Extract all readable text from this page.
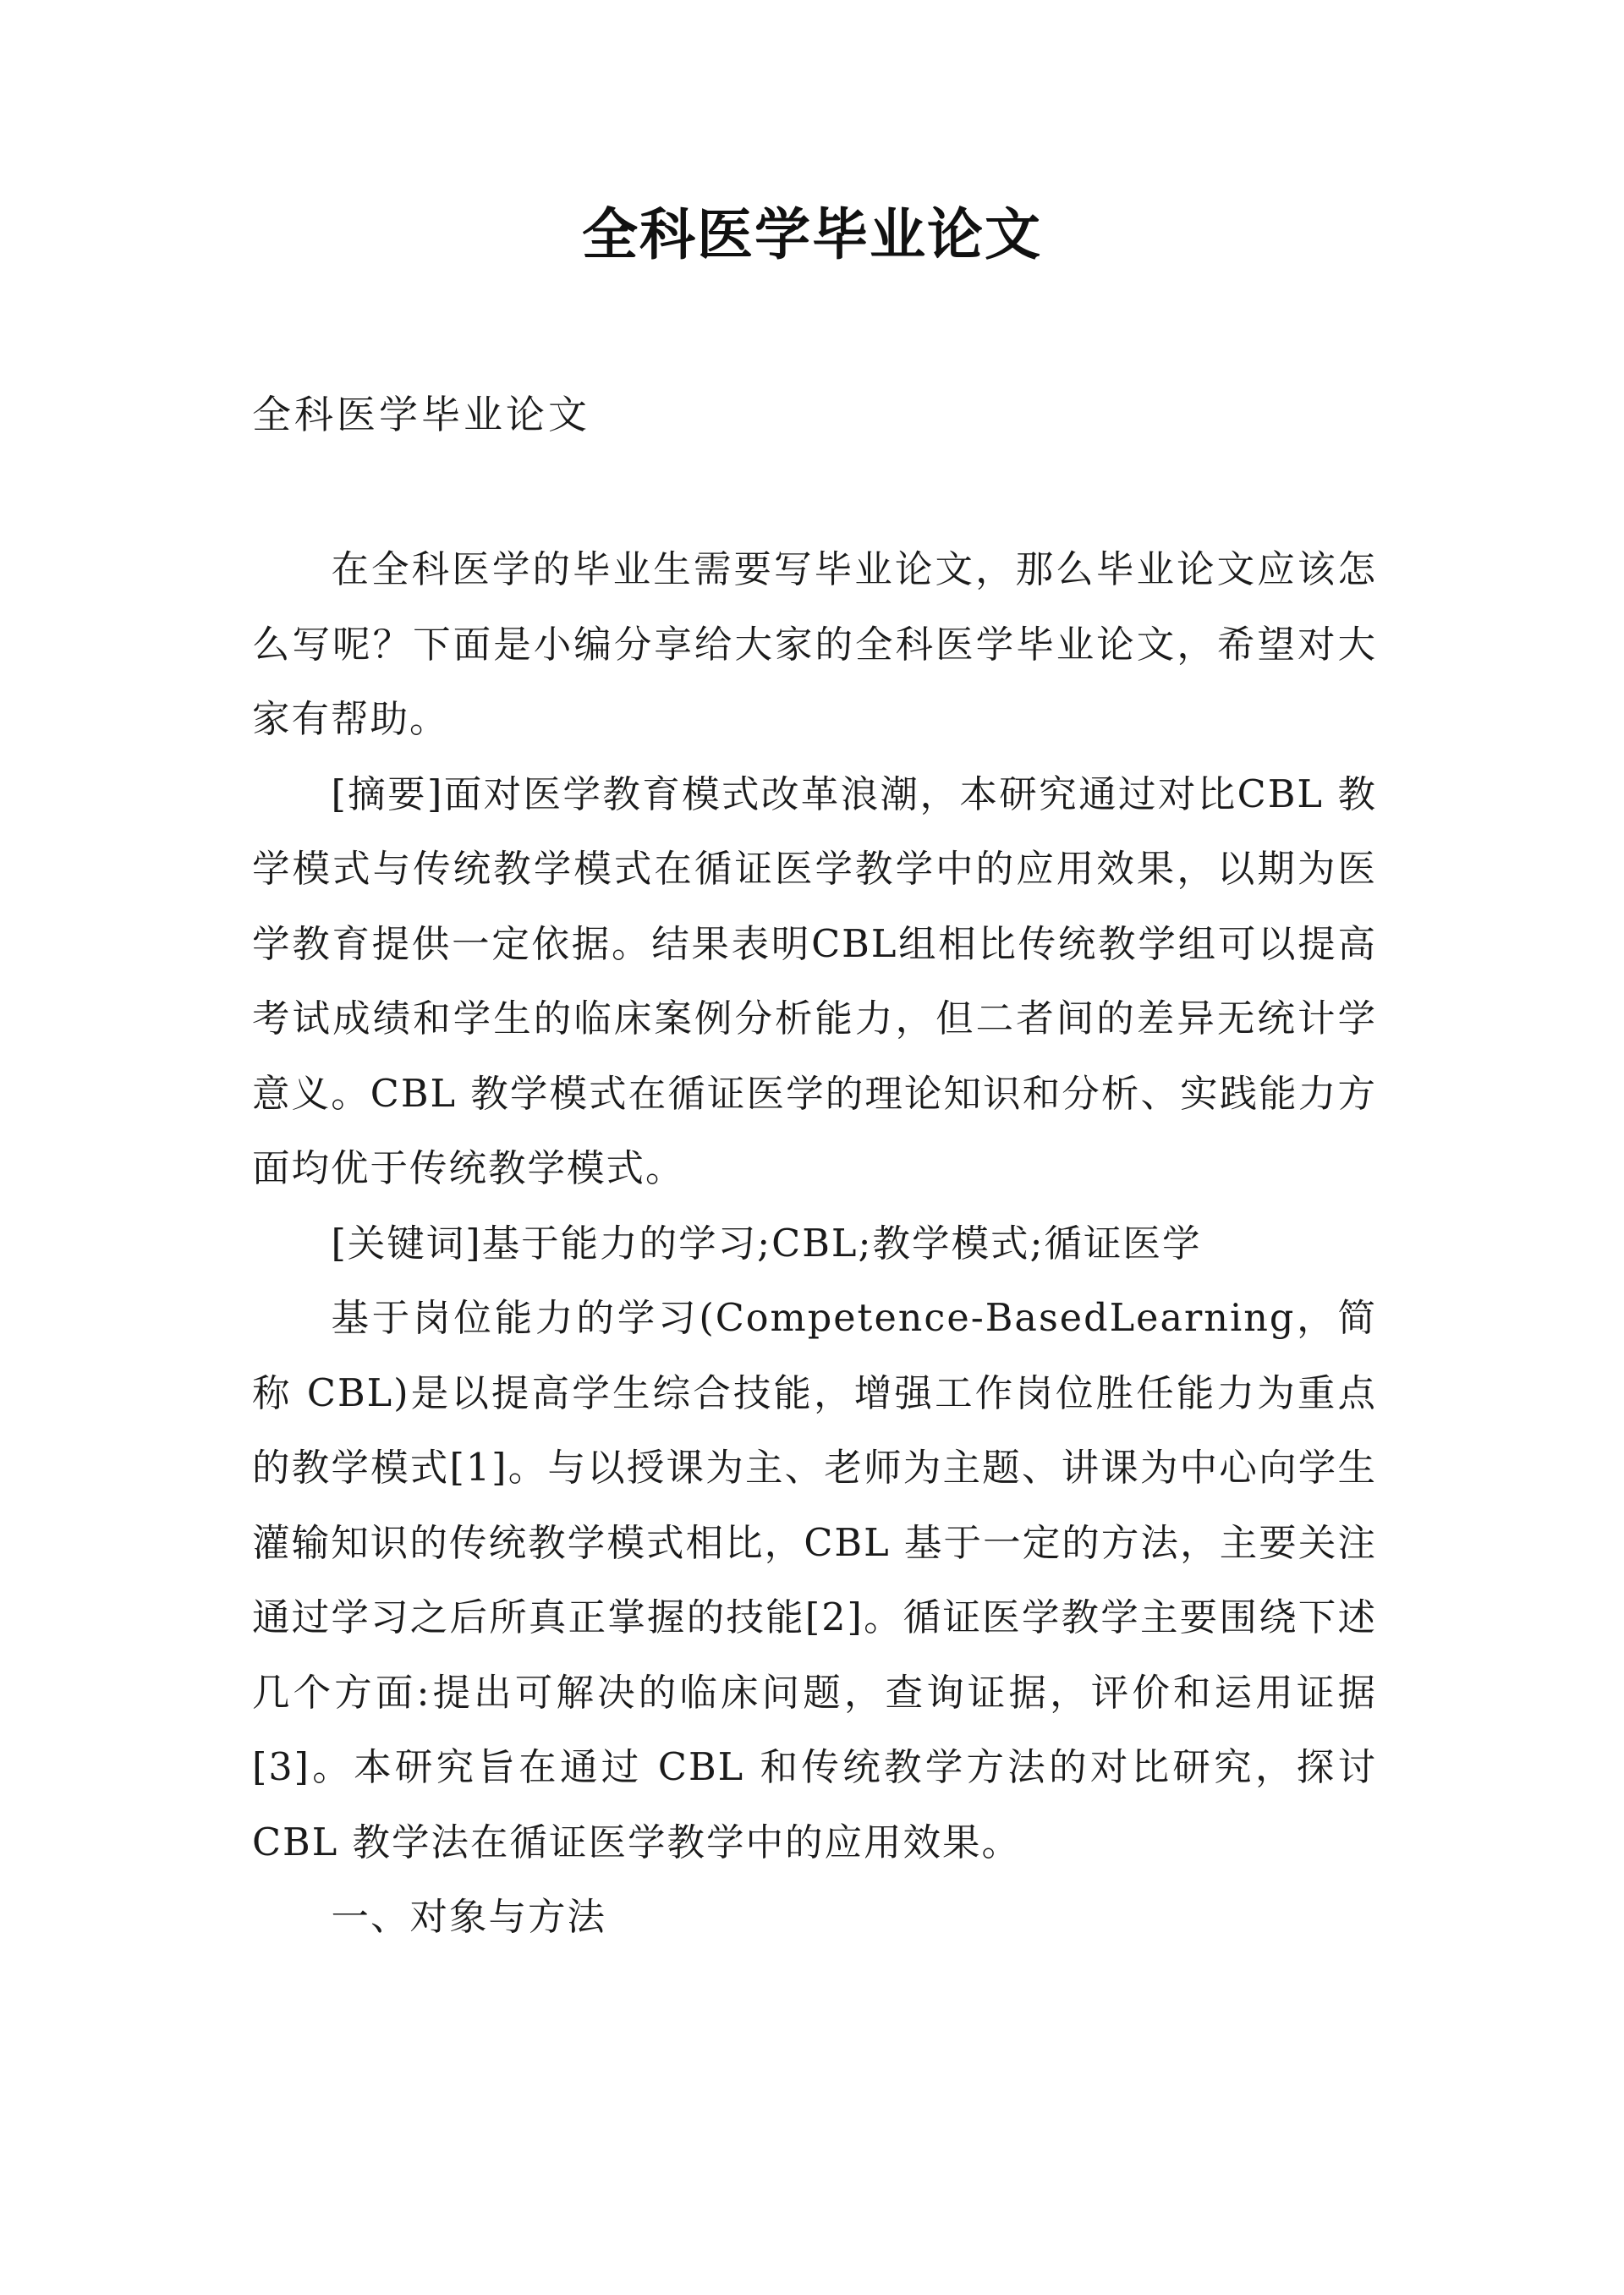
全科医学毕业论文
全科医学毕业论文

在全科医学的毕业生需要写毕业论文，那么毕业论文应该怎么写呢？下面是小编分享给大家的全科医学毕业论文，希望对大家有帮助。

[摘要]面对医学教育模式改革浪潮，本研究通过对比CBL 教学模式与传统教学模式在循证医学教学中的应用效果，以期为医学教育提供一定依据。结果表明CBL组相比传统教学组可以提高考试成绩和学生的临床案例分析能力，但二者间的差异无统计学意义。CBL 教学模式在循证医学的理论知识和分析、实践能力方面均优于传统教学模式。

[关键词]基于能力的学习;CBL;教学模式;循证医学

基于岗位能力的学习(Competence-BasedLearning，简称 CBL)是以提高学生综合技能，增强工作岗位胜任能力为重点的教学模式[1]。与以授课为主、老师为主题、讲课为中心向学生灌输知识的传统教学模式相比，CBL 基于一定的方法，主要关注通过学习之后所真正掌握的技能[2]。循证医学教学主要围绕下述几个方面:提出可解决的临床问题，查询证据，评价和运用证据[3]。本研究旨在通过 CBL 和传统教学方法的对比研究，探讨 CBL 教学法在循证医学教学中的应用效果。

一、对象与方法
